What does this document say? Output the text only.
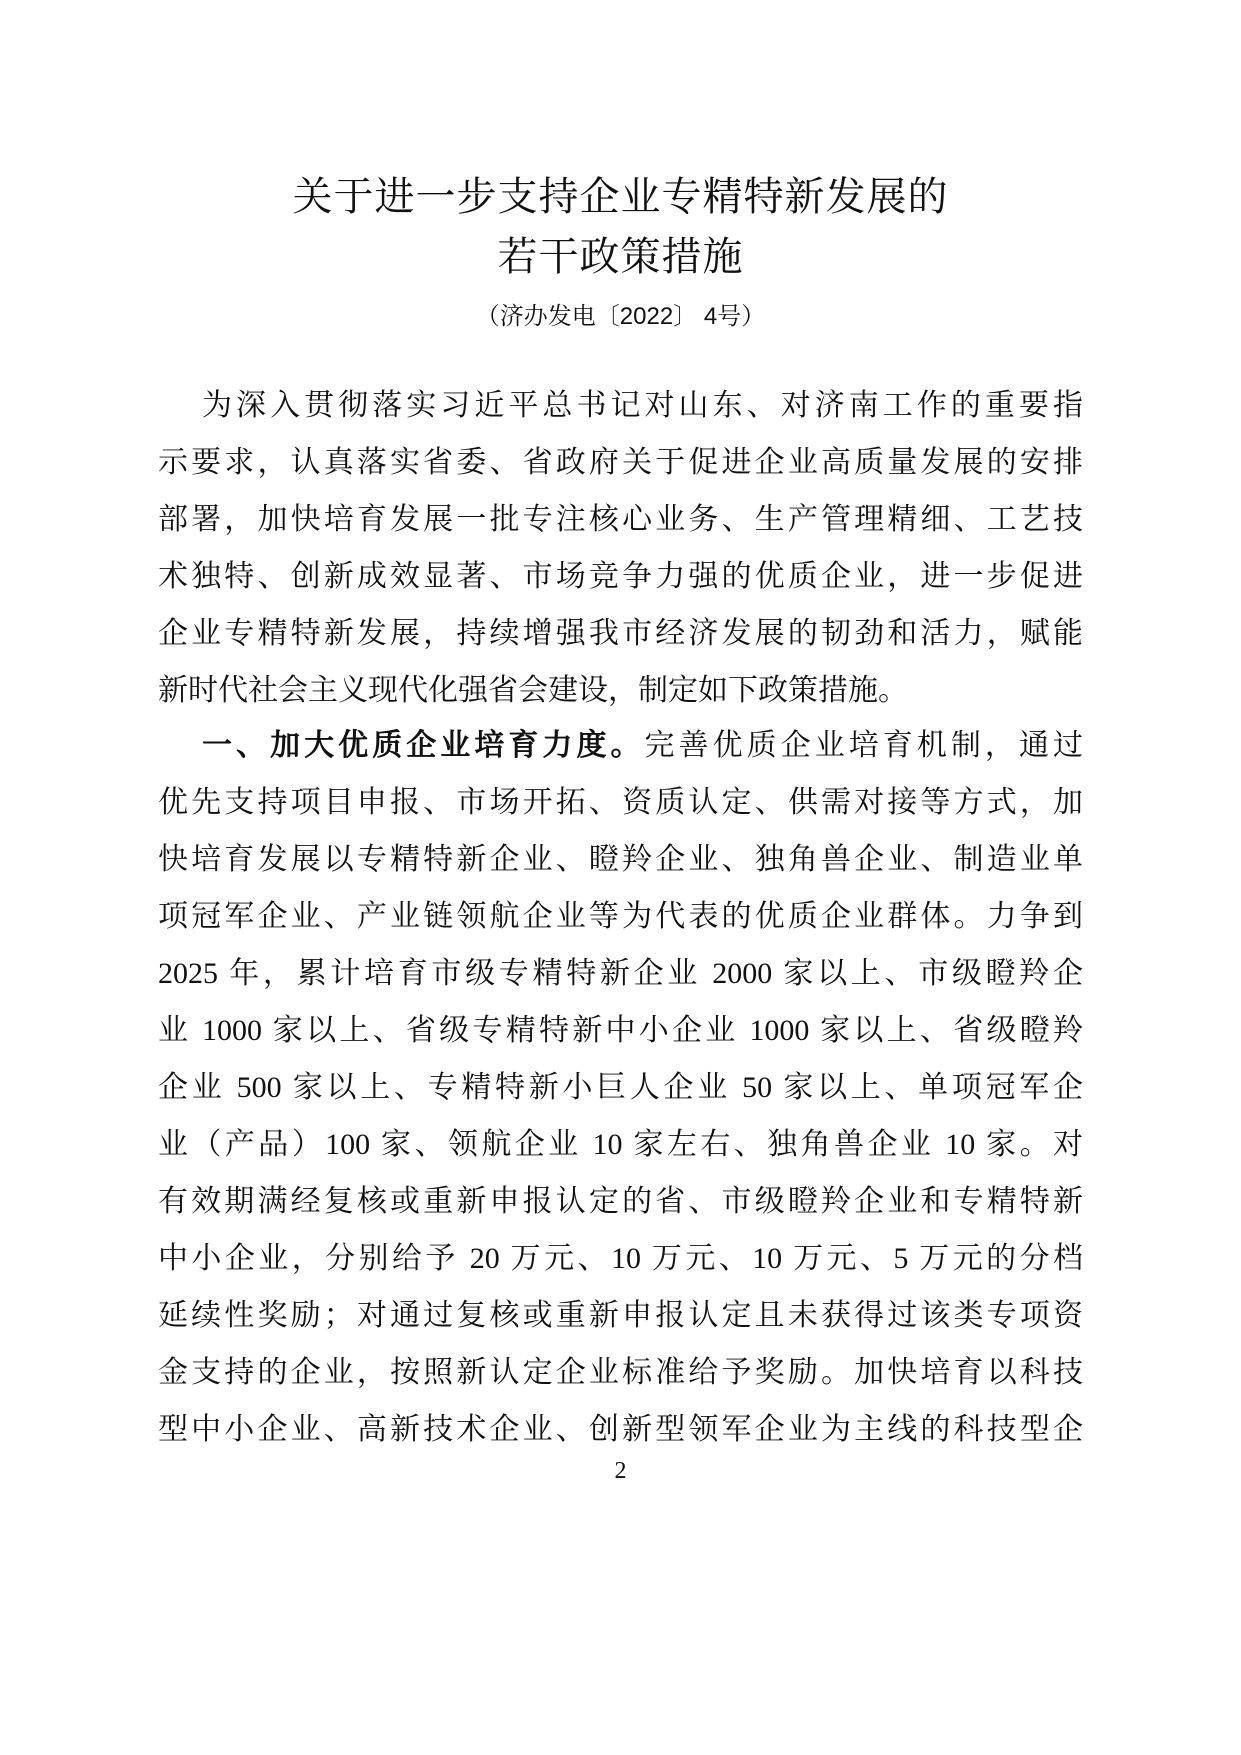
关于进一步支持企业专精特新发展的
若干政策措施
（济办发电〔2022〕 4号）
为深入贯彻落实习近平总书记对山东、对济南工作的重要指
示要求，认真落实省委、省政府关于促进企业高质量发展的安排
部署，加快培育发展一批专注核心业务、生产管理精细、工艺技
术独特、创新成效显著、市场竞争力强的优质企业，进一步促进
企业专精特新发展，持续增强我市经济发展的韧劲和活力，赋能
新时代社会主义现代化强省会建设，制定如下政策措施。
一、加大优质企业培育力度。完善优质企业培育机制，通过
优先支持项目申报、市场开拓、资质认定、供需对接等方式，加
快培育发展以专精特新企业、瞪羚企业、独角兽企业、制造业单
项冠军企业、产业链领航企业等为代表的优质企业群体。力争到
2025 年，累计培育市级专精特新企业 2000 家以上、市级瞪羚企
业 1000 家以上、省级专精特新中小企业 1000 家以上、省级瞪羚
企业 500 家以上、专精特新小巨人企业 50 家以上、单项冠军企
业（产品）100 家、领航企业 10 家左右、独角兽企业 10 家。对
有效期满经复核或重新申报认定的省、市级瞪羚企业和专精特新
中小企业，分别给予 20 万元、10 万元、10 万元、5 万元的分档
延续性奖励；对通过复核或重新申报认定且未获得过该类专项资
金支持的企业，按照新认定企业标准给予奖励。加快培育以科技
型中小企业、高新技术企业、创新型领军企业为主线的科技型企
2
